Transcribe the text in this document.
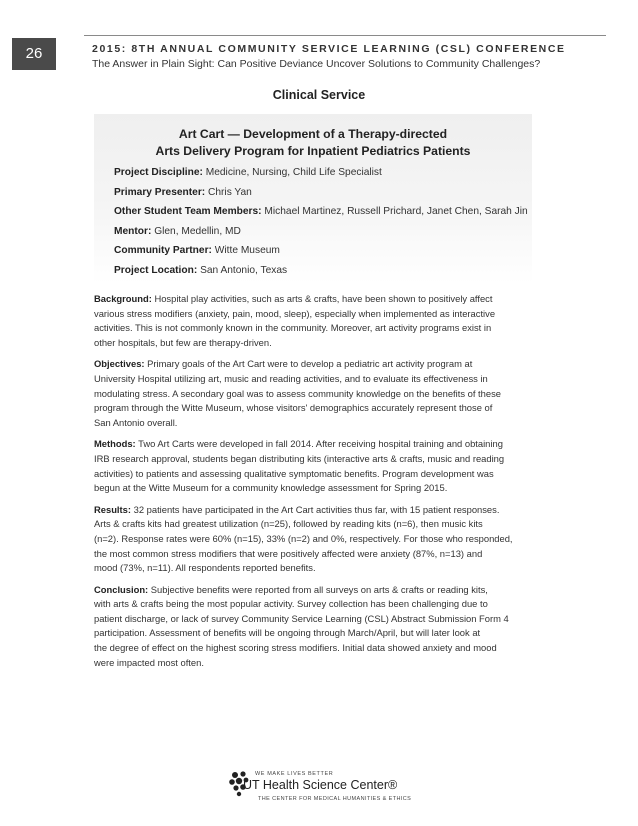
26	2015: 8TH ANNUAL COMMUNITY SERVICE LEARNING (CSL) CONFERENCE
The Answer in Plain Sight: Can Positive Deviance Uncover Solutions to Community Challenges?
Clinical Service
Art Cart — Development of a Therapy-directed
Arts Delivery Program for Inpatient Pediatrics Patients
Project Discipline: Medicine, Nursing, Child Life Specialist
Primary Presenter: Chris Yan
Other Student Team Members: Michael Martinez, Russell Prichard, Janet Chen, Sarah Jin
Mentor: Glen, Medellin, MD
Community Partner: Witte Museum
Project Location: San Antonio, Texas
Background: Hospital play activities, such as arts & crafts, have been shown to positively affect
various stress modifiers (anxiety, pain, mood, sleep), especially when implemented as interactive
activities. This is not commonly known in the community. Moreover, art activity programs exist in
other hospitals, but few are therapy-driven.
Objectives: Primary goals of the Art Cart were to develop a pediatric art activity program at
University Hospital utilizing art, music and reading activities, and to evaluate its effectiveness in
modulating stress. A secondary goal was to assess community knowledge on the benefits of these
program through the Witte Museum, whose visitors' demographics accurately represent those of
San Antonio overall.
Methods: Two Art Carts were developed in fall 2014. After receiving hospital training and obtaining
IRB research approval, students began distributing kits (interactive arts & crafts, music and reading
activities) to patients and assessing qualitative symptomatic benefits. Program development was
begun at the Witte Museum for a community knowledge assessment for Spring 2015.
Results: 32 patients have participated in the Art Cart activities thus far, with 15 patient responses.
Arts & crafts kits had greatest utilization (n=25), followed by reading kits (n=6), then music kits
(n=2). Response rates were 60% (n=15), 33% (n=2) and 0%, respectively. For those who responded,
the most common stress modifiers that were positively affected were anxiety (87%, n=13) and
mood (73%, n=11). All respondents reported benefits.
Conclusion: Subjective benefits were reported from all surveys on arts & crafts or reading kits,
with arts & crafts being the most popular activity. Survey collection has been challenging due to
patient discharge, or lack of survey Community Service Learning (CSL) Abstract Submission Form 4
participation. Assessment of benefits will be ongoing through March/April, but will later look at
the degree of effect on the highest scoring stress modifiers. Initial data showed anxiety and mood
were impacted most often.
WE MAKE LIVES BETTER
UT Health Science Center®
THE CENTER FOR MEDICAL HUMANITIES & ETHICS
